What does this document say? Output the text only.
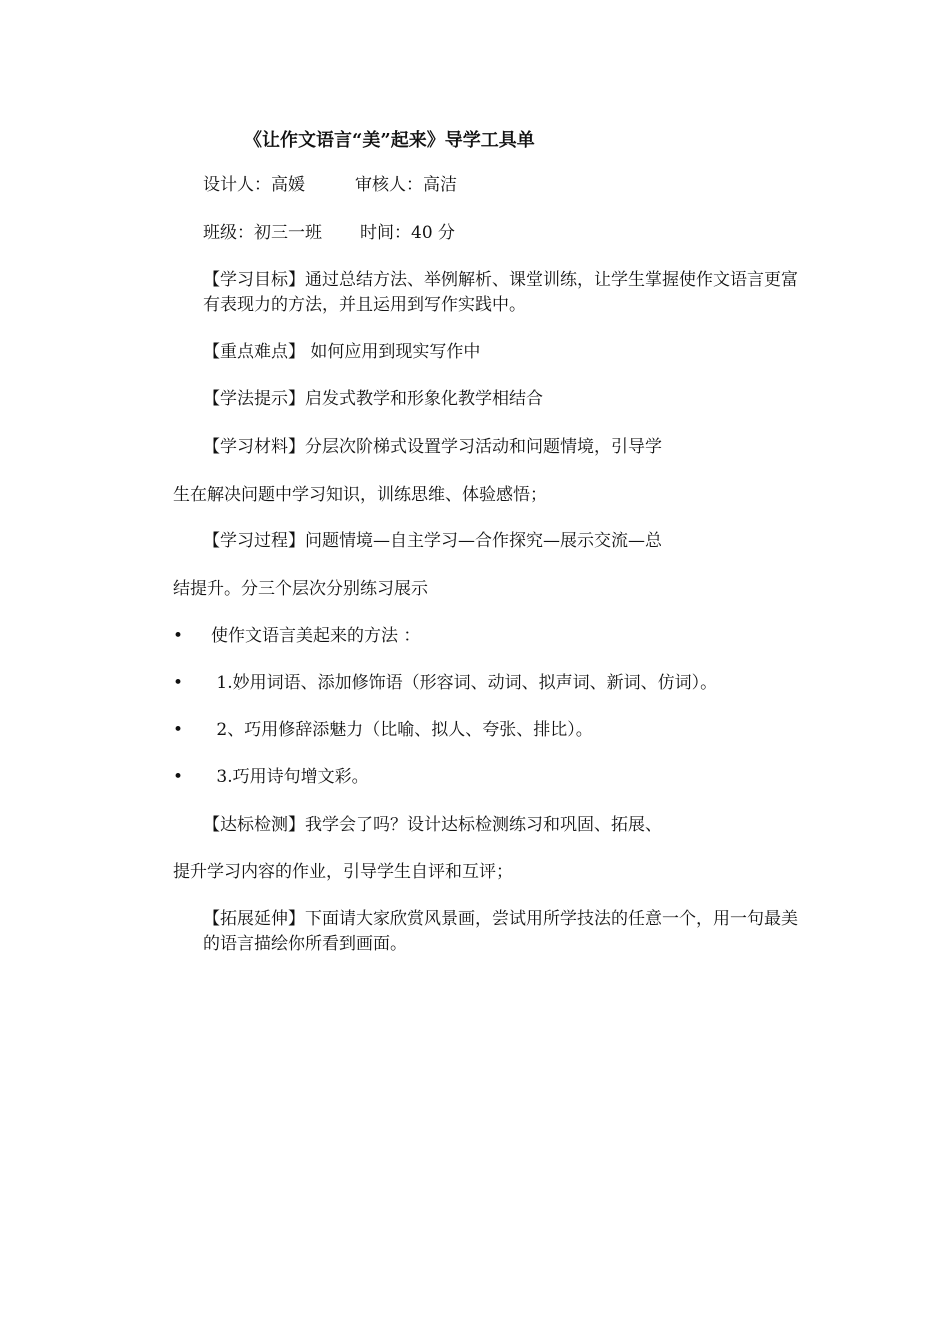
《让作文语言“美”起来》导学工具单
设计人：高媛	审核人：高洁
班级：初三一班 时间：40 分
【学习目标】通过总结方法、举例解析、课堂训练，让学生掌握使作文语言更富有表现力的方法，并且运用到写作实践中。
【重点难点】 如何应用到现实写作中
【学法提示】启发式教学和形象化教学相结合
【学习材料】分层次阶梯式设置学习活动和问题情境，引导学
生在解决问题中学习知识，训练思维、体验感悟；
【学习过程】问题情境—自主学习—合作探究—展示交流—总
结提升。分三个层次分别练习展示
• 使作文语言美起来的方法 ：
• 1.妙用词语、添加修饰语（形容词、动词、拟声词、新词、仿词）。
• 2、巧用修辞添魅力（比喻、拟人、夸张、排比）。
• 3.巧用诗句增文彩。
【达标检测】我学会了吗？设计达标检测练习和巩固、拓展、
提升学习内容的作业，引导学生自评和互评；
【拓展延伸】下面请大家欣赏风景画，尝试用所学技法的任意一个，用一句最美的语言描绘你所看到画面。
